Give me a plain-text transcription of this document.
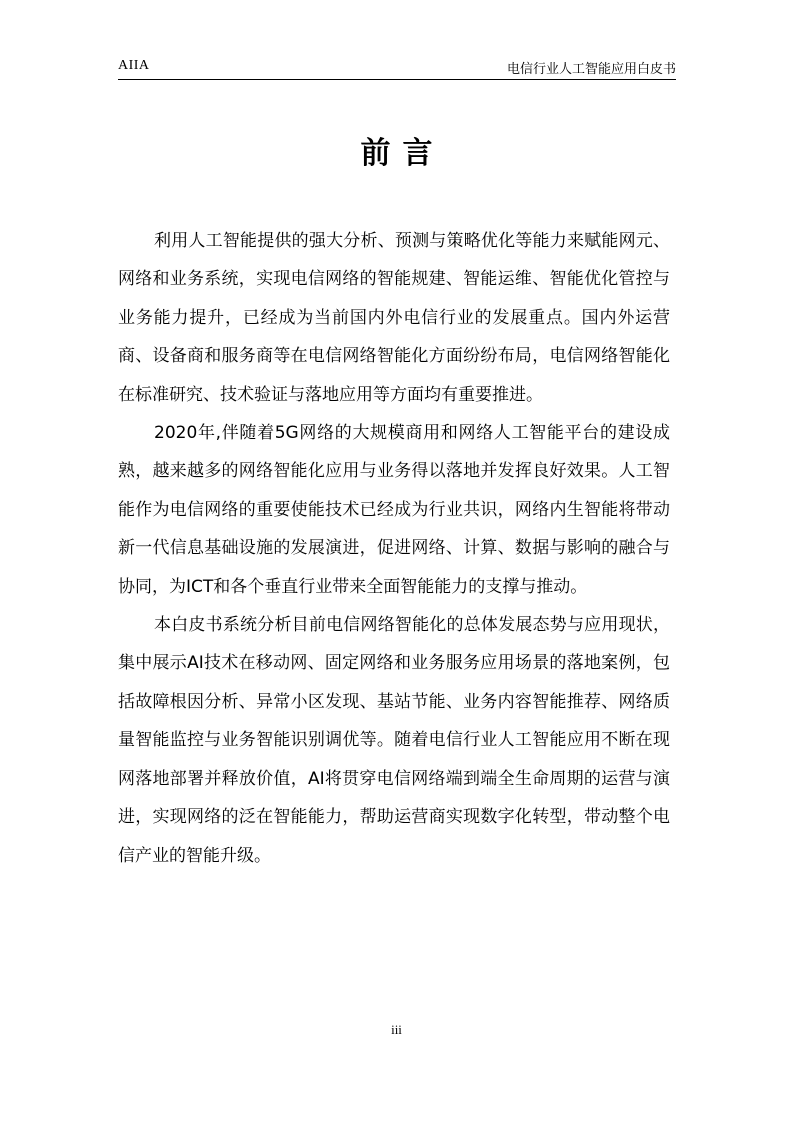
AIIA	电信行业人工智能应用白皮书
前言

利用人工智能提供的强大分析、预测与策略优化等能力来赋能网元、网络和业务系统，实现电信网络的智能规建、智能运维、智能优化管控与业务能力提升，已经成为当前国内外电信行业的发展重点。国内外运营商、设备商和服务商等在电信网络智能化方面纷纷布局，电信网络智能化在标准研究、技术验证与落地应用等方面均有重要推进。

2020年,伴随着5G网络的大规模商用和网络人工智能平台的建设成熟，越来越多的网络智能化应用与业务得以落地并发挥良好效果。人工智能作为电信网络的重要使能技术已经成为行业共识，网络内生智能将带动新一代信息基础设施的发展演进，促进网络、计算、数据与影响的融合与协同，为ICT和各个垂直行业带来全面智能能力的支撑与推动。

本白皮书系统分析目前电信网络智能化的总体发展态势与应用现状，集中展示AI技术在移动网、固定网络和业务服务应用场景的落地案例，包括故障根因分析、异常小区发现、基站节能、业务内容智能推荐、网络质量智能监控与业务智能识别调优等。随着电信行业人工智能应用不断在现网落地部署并释放价值，AI将贯穿电信网络端到端全生命周期的运营与演进，实现网络的泛在智能能力，帮助运营商实现数字化转型，带动整个电信产业的智能升级。

iii
